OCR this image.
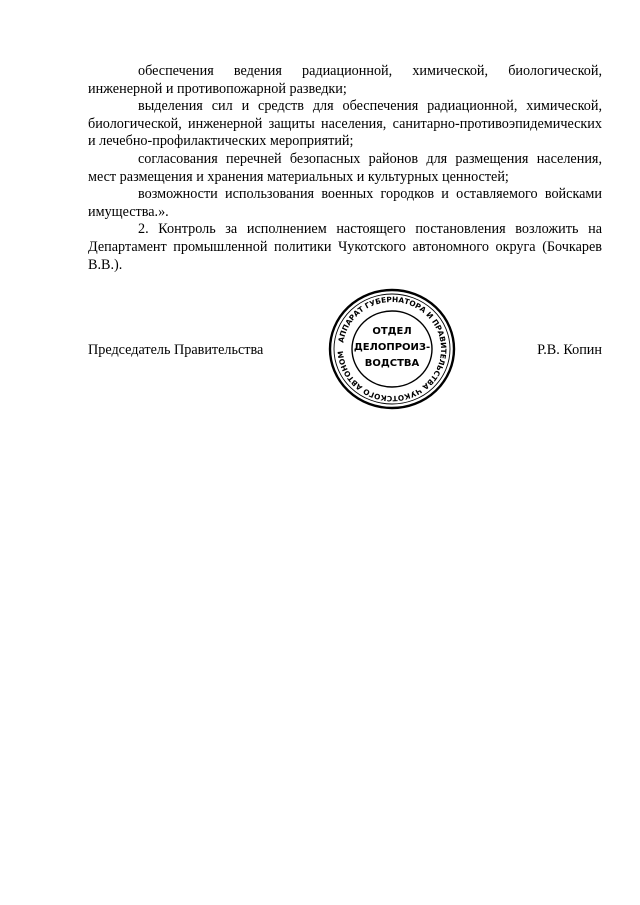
обеспечения ведения радиационной, химической, биологической, инженерной и противопожарной разведки;

выделения сил и средств для обеспечения радиационной, химической, биологической, инженерной защиты населения, санитарно-противоэпидемических и лечебно-профилактических мероприятий;

согласования перечней безопасных районов для размещения населения, мест размещения и хранения материальных и культурных ценностей;

возможности использования военных городков и оставляемого войсками имущества.».

2. Контроль за исполнением настоящего постановления возложить на Департамент промышленной политики Чукотского автономного округа (Бочкарев В.В.).

Председатель Правительства	Р.В. Копин
АППАРАТ ГУБЕРНАТОРА И ПРАВИТЕЛЬСТВА ЧУКОТСКОГО АВТОНОМ
ОТДЕЛ
ДЕЛОПРОИЗ-
ВОДСТВА
